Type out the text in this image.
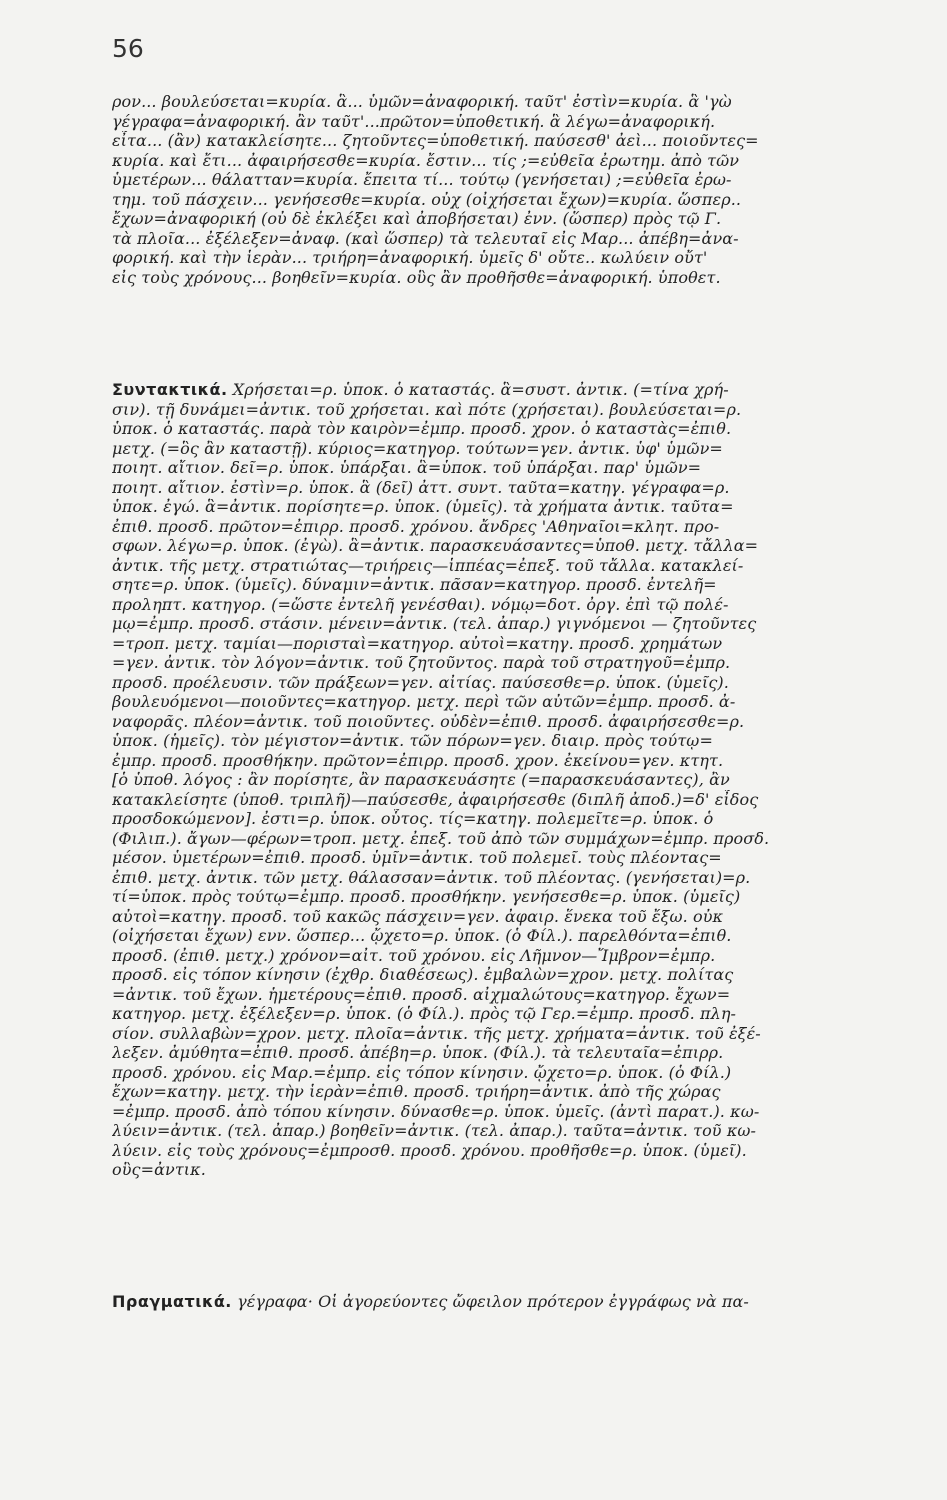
56
ρον... βουλεύσεται=κυρία. ἃ... ὑμῶν=ἀναφορική. ταῦτ' ἐστὶν=κυρία. ἃ 'γὼ
γέγραφα=ἀναφορική. ἂν ταῦτ'...πρῶτον=ὑποθετική. ἃ λέγω=ἀναφορική.
εἶτα... (ἂν) κατακλείσητε... ζητοῦντες=ὑποθετική. παύσεσθ' ἀεὶ... ποιοῦντες=
κυρία. καὶ ἔτι... ἀφαιρήσεσθε=κυρία. ἔστιν... τίς ;=εὐθεῖα ἐρωτημ. ἀπὸ τῶν
ὑμετέρων... θάλατταν=κυρία. ἔπειτα τί... τούτῳ (γενήσεται) ;=εὐθεῖα ἐρω-
τημ. τοῦ πάσχειν... γενήσεσθε=κυρία. οὐχ (οἰχήσεται ἔχων)=κυρία. ὥσπερ..
ἔχων=ἀναφορική (οὐ δὲ ἐκλέξει καὶ ἀποβήσεται) ἐνν. (ὥσπερ) πρὸς τῷ Γ.
τὰ πλοῖα... ἐξέλεξεν=ἀναφ. (καὶ ὥσπερ) τὰ τελευταῖ εἰς Μαρ... ἀπέβη=ἀνα-
φορική. καὶ τὴν ἱερὰν... τριήρη=ἀναφορική. ὑμεῖς δ' οὔτε.. κωλύειν οὔτ'
εἰς τοὺς χρόνους... βοηθεῖν=κυρία. οὓς ἂν προθῆσθε=ἀναφορική. ὑποθετ.
Συντακτικά. Χρήσεται=ρ. ὑποκ. ὁ καταστάς. ἃ=συστ. ἀντικ. (=τίνα χρή-
σιν). τῇ δυνάμει=ἀντικ. τοῦ χρήσεται. καὶ πότε (χρήσεται). βουλεύσεται=ρ.
ὑποκ. ὁ καταστάς. παρὰ τὸν καιρὸν=ἐμπρ. προσδ. χρον. ὁ καταστὰς=ἐπιθ.
μετχ. (=ὃς ἂν καταστῇ). κύριος=κατηγορ. τούτων=γεν. ἀντικ. ὑφ' ὑμῶν=
ποιητ. αἴτιον. δεῖ=ρ. ὑποκ. ὑπάρξαι. ἃ=ὑποκ. τοῦ ὑπάρξαι. παρ' ὑμῶν=
ποιητ. αἴτιον. ἐστὶν=ρ. ὑποκ. ἃ (δεῖ) ἀττ. συντ. ταῦτα=κατηγ. γέγραφα=ρ.
ὑποκ. ἐγώ. ἃ=ἀντικ. πορίσητε=ρ. ὑποκ. (ὑμεῖς). τὰ χρήματα ἀντικ. ταῦτα=
ἐπιθ. προσδ. πρῶτον=ἐπιρρ. προσδ. χρόνου. ἄνδρες 'Αθηναῖοι=κλητ. προ-
σφων. λέγω=ρ. ὑποκ. (ἐγὼ). ἃ=ἀντικ. παρασκευάσαντες=ὑποθ. μετχ. τἄλλα=
ἀντικ. τῆς μετχ. στρατιώτας—τριήρεις—ἱππέας=ἐπεξ. τοῦ τἄλλα. κατακλεί-
σητε=ρ. ὑποκ. (ὑμεῖς). δύναμιν=ἀντικ. πᾶσαν=κατηγορ. προσδ. ἐντελῆ=
προληπτ. κατηγορ. (=ὥστε ἐντελῆ γενέσθαι). νόμῳ=δοτ. ὀργ. ἐπὶ τῷ πολέ-
μῳ=ἐμπρ. προσδ. στάσιν. μένειν=ἀντικ. (τελ. ἀπαρ.) γιγνόμενοι — ζητοῦντες
=τροπ. μετχ. ταμίαι—πορισταὶ=κατηγορ. αὐτοὶ=κατηγ. προσδ. χρημάτων
=γεν. ἀντικ. τὸν λόγον=ἀντικ. τοῦ ζητοῦντος. παρὰ τοῦ στρατηγοῦ=ἐμπρ.
προσδ. προέλευσιν. τῶν πράξεων=γεν. αἰτίας. παύσεσθε=ρ. ὑποκ. (ὑμεῖς).
βουλευόμενοι—ποιοῦντες=κατηγορ. μετχ. περὶ τῶν αὐτῶν=ἐμπρ. προσδ. ἀ-
ναφορᾶς. πλέον=ἀντικ. τοῦ ποιοῦντες. οὐδὲν=ἐπιθ. προσδ. ἀφαιρήσεσθε=ρ.
ὑποκ. (ἡμεῖς). τὸν μέγιστον=ἀντικ. τῶν πόρων=γεν. διαιρ. πρὸς τούτῳ=
ἐμπρ. προσδ. προσθήκην. πρῶτον=ἐπιρρ. προσδ. χρον. ἐκείνου=γεν. κτητ.
[ὁ ὑποθ. λόγος : ἂν πορίσητε, ἂν παρασκευάσητε (=παρασκευάσαντες), ἂν
κατακλείσητε (ὑποθ. τριπλῆ)—παύσεσθε, ἀφαιρήσεσθε (διπλῆ ἀποδ.)=δ' εἶδος
προσδοκώμενον]. ἐστι=ρ. ὑποκ. οὗτος. τίς=κατηγ. πολεμεῖτε=ρ. ὑποκ. ὁ
(Φιλιπ.). ἄγων—φέρων=τροπ. μετχ. ἐπεξ. τοῦ ἀπὸ τῶν συμμάχων=ἐμπρ. προσδ.
μέσον. ὑμετέρων=ἐπιθ. προσδ. ὑμῖν=ἀντικ. τοῦ πολεμεῖ. τοὺς πλέοντας=
ἐπιθ. μετχ. ἀντικ. τῶν μετχ. θάλασσαν=ἀντικ. τοῦ πλέοντας. (γενήσεται)=ρ.
τί=ὑποκ. πρὸς τούτῳ=ἐμπρ. προσδ. προσθήκην. γενήσεσθε=ρ. ὑποκ. (ὑμεῖς)
αὐτοὶ=κατηγ. προσδ. τοῦ κακῶς πάσχειν=γεν. ἀφαιρ. ἕνεκα τοῦ ἔξω. οὐκ
(οἰχήσεται ἔχων) ενν. ὥσπερ... ᾤχετο=ρ. ὑποκ. (ὁ Φίλ.). παρελθόντα=ἐπιθ.
προσδ. (ἐπιθ. μετχ.) χρόνον=αἰτ. τοῦ χρόνου. εἰς Λῆμνον—Ἴμβρον=ἐμπρ.
προσδ. εἰς τόπον κίνησιν (ἐχθρ. διαθέσεως). ἐμβαλὼν=χρον. μετχ. πολίτας
=ἀντικ. τοῦ ἔχων. ἡμετέρους=ἐπιθ. προσδ. αἰχμαλώτους=κατηγορ. ἔχων=
κατηγορ. μετχ. ἐξέλεξεν=ρ. ὑποκ. (ὁ Φίλ.). πρὸς τῷ Γερ.=ἐμπρ. προσδ. πλη-
σίον. συλλαβὼν=χρον. μετχ. πλοῖα=ἀντικ. τῆς μετχ. χρήματα=ἀντικ. τοῦ ἐξέ-
λεξεν. ἀμύθητα=ἐπιθ. προσδ. ἀπέβη=ρ. ὑποκ. (Φίλ.). τὰ τελευταῖα=ἐπιρρ.
προσδ. χρόνου. εἰς Μαρ.=ἐμπρ. εἰς τόπον κίνησιν. ᾤχετο=ρ. ὑποκ. (ὁ Φίλ.)
ἔχων=κατηγ. μετχ. τὴν ἱερὰν=ἐπιθ. προσδ. τριήρη=ἀντικ. ἀπὸ τῆς χώρας
=ἐμπρ. προσδ. ἀπὸ τόπου κίνησιν. δύνασθε=ρ. ὑποκ. ὑμεῖς. (ἀντὶ παρατ.). κω-
λύειν=ἀντικ. (τελ. ἀπαρ.) βοηθεῖν=ἀντικ. (τελ. ἀπαρ.). ταῦτα=ἀντικ. τοῦ κω-
λύειν. εἰς τοὺς χρόνους=ἐμπροσθ. προσδ. χρόνου. προθῆσθε=ρ. ὑποκ. (ὑμεῖ).
οὓς=ἀντικ.
Πραγματικά. γέγραφα· Οἱ ἀγορεύοντες ὤφειλον πρότερον ἐγγράφως νὰ πα-
